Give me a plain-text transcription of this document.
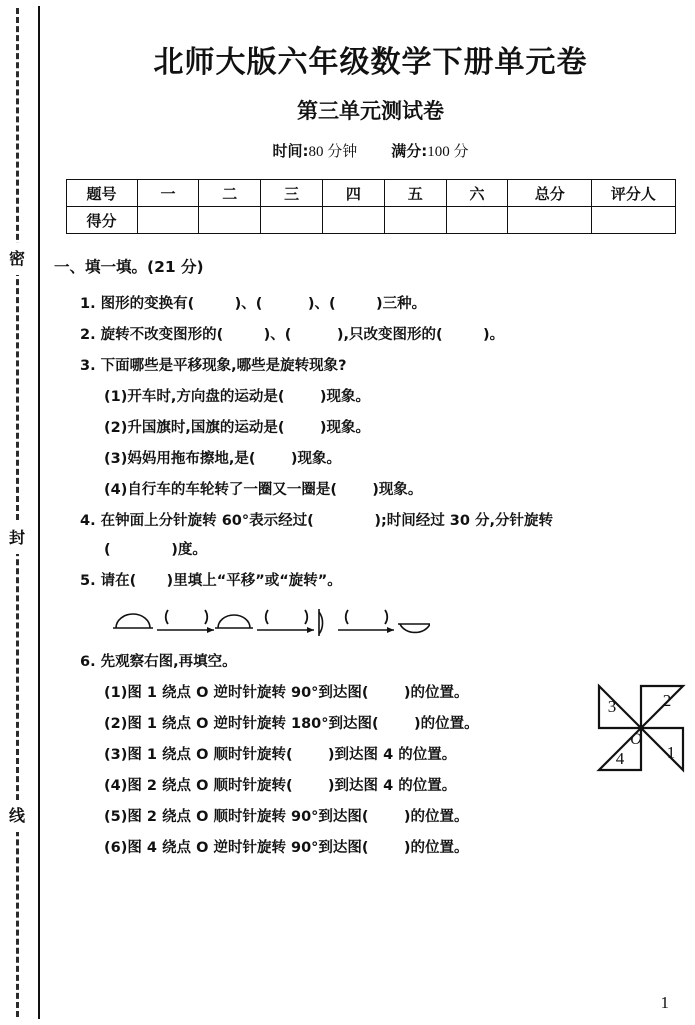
密
封
线
北师大版六年级数学下册单元卷
第三单元测试卷

时间:80 分钟 满分:100 分

题号	一	二	三	四	五	六	总分	评分人
得分								
一、填一填。(21 分)

1. 图形的变换有(        )、(         )、(        )三种。

2. 旋转不改变图形的(        )、(         ),只改变图形的(        )。

3. 下面哪些是平移现象,哪些是旋转现象?

(1)开车时,方向盘的运动是(       )现象。

(2)升国旗时,国旗的运动是(       )现象。

(3)妈妈用拖布擦地,是(       )现象。

(4)自行车的车轮转了一圈又一圈是(       )现象。

4. 在钟面上分针旋转 60°表示经过(            );时间经过 30 分,分针旋转

(            )度。

5. 请在(      )里填上“平移”或“旋转”。

6. 先观察右图,再填空。

(1)图 1 绕点 O 逆时针旋转 90°到达图(       )的位置。

(2)图 1 绕点 O 逆时针旋转 180°到达图(       )的位置。

(3)图 1 绕点 O 顺时针旋转(       )到达图 4 的位置。

(4)图 2 绕点 O 顺时针旋转(       )到达图 4 的位置。

(5)图 2 绕点 O 顺时针旋转 90°到达图(       )的位置。

(6)图 4 绕点 O 逆时针旋转 90°到达图(       )的位置。

2
1
3
4
O
1
